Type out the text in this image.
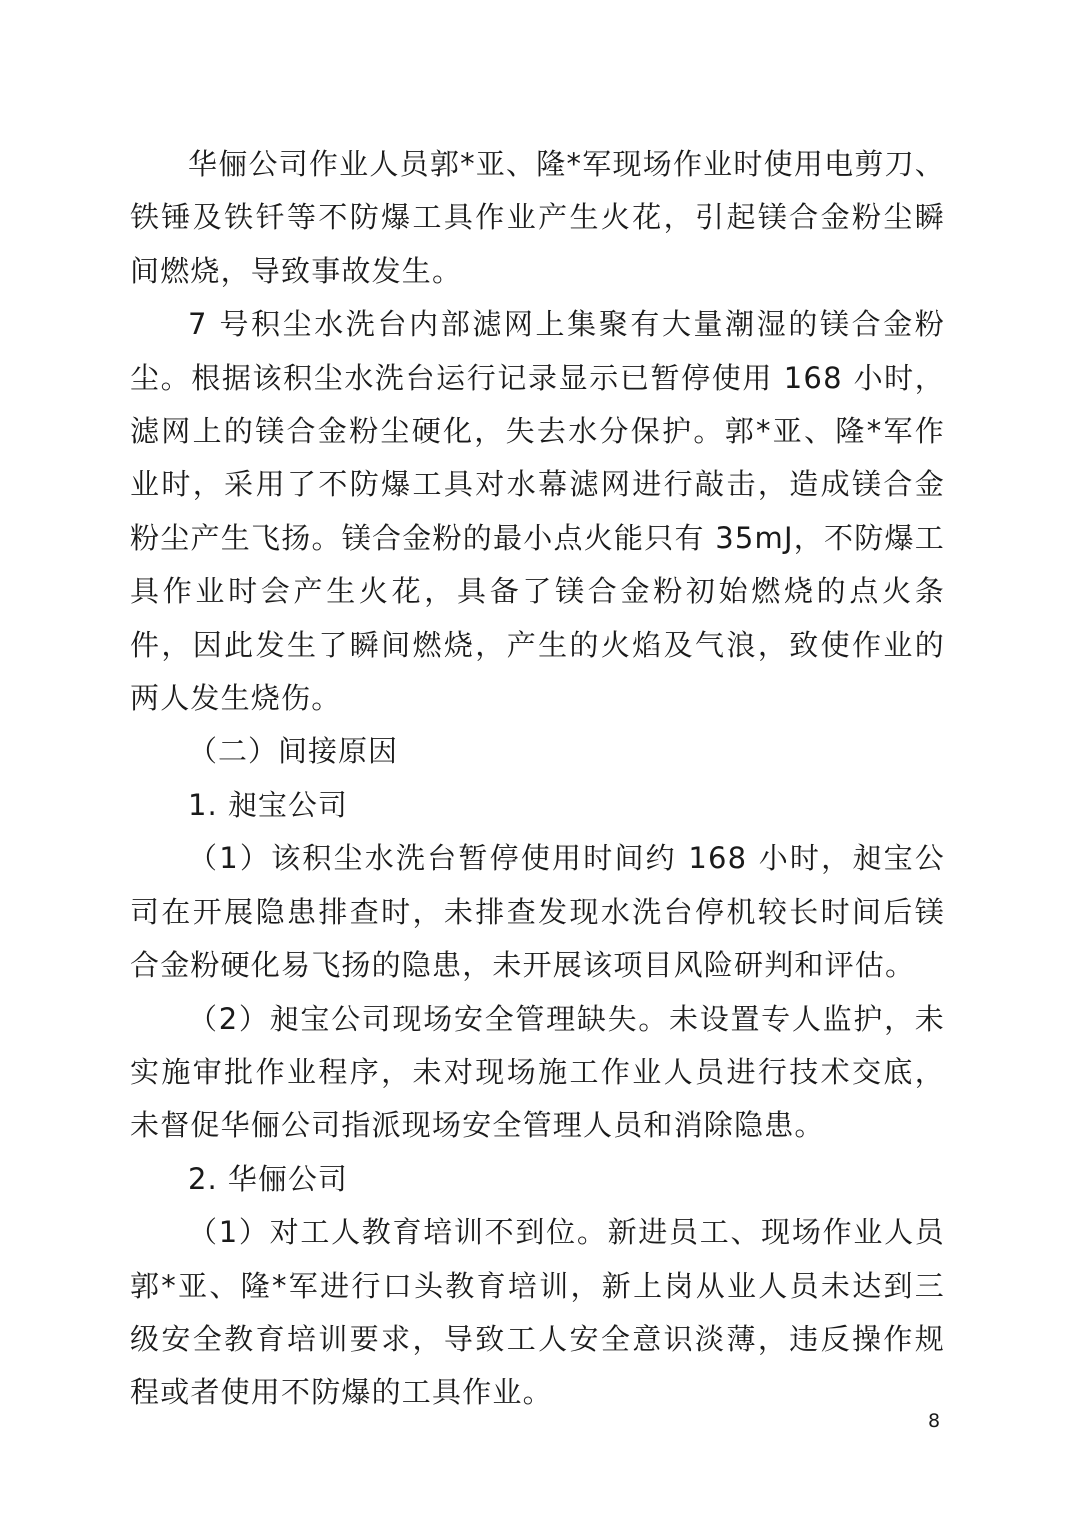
华俪公司作业人员郭*亚、隆*军现场作业时使用电剪刀、铁锤及铁钎等不防爆工具作业产生火花，引起镁合金粉尘瞬间燃烧，导致事故发生。

7 号积尘水洗台内部滤网上集聚有大量潮湿的镁合金粉尘。根据该积尘水洗台运行记录显示已暂停使用 168 小时，滤网上的镁合金粉尘硬化，失去水分保护。郭*亚、隆*军作业时，采用了不防爆工具对水幕滤网进行敲击，造成镁合金粉尘产生飞扬。镁合金粉的最小点火能只有 35mJ，不防爆工具作业时会产生火花，具备了镁合金粉初始燃烧的点火条件，因此发生了瞬间燃烧，产生的火焰及气浪，致使作业的两人发生烧伤。

（二）间接原因

1. 昶宝公司

（1）该积尘水洗台暂停使用时间约 168 小时，昶宝公司在开展隐患排查时，未排查发现水洗台停机较长时间后镁合金粉硬化易飞扬的隐患，未开展该项目风险研判和评估。

（2）昶宝公司现场安全管理缺失。未设置专人监护，未实施审批作业程序，未对现场施工作业人员进行技术交底，未督促华俪公司指派现场安全管理人员和消除隐患。

2. 华俪公司

（1）对工人教育培训不到位。新进员工、现场作业人员郭*亚、隆*军进行口头教育培训，新上岗从业人员未达到三级安全教育培训要求，导致工人安全意识淡薄，违反操作规程或者使用不防爆的工具作业。

8
